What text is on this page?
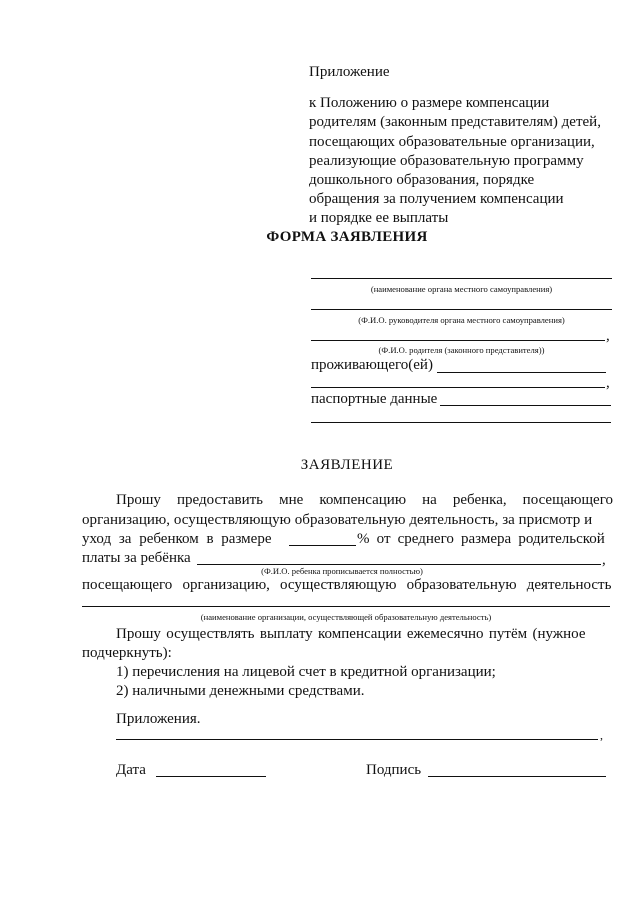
Приложение
к Положению о размере компенсации
родителям (законным представителям) детей,
посещающих образовательные организации,
реализующие образовательную программу
дошкольного образования, порядке
обращения за получением компенсации
и порядке ее выплаты
ФОРМА ЗАЯВЛЕНИЯ
(наименование органа местного самоуправления)
(Ф.И.О. руководителя органа местного самоуправления)
,
(Ф.И.О. родителя (законного представителя))
проживающего(ей)
,
паспортные данные
ЗАЯВЛЕНИЕ
Прошу предоставить мне компенсацию на ребенка, посещающего
организацию, осуществляющую образовательную деятельность, за присмотр и
уход за ребенком в размере	% от среднего размера родительской
платы за ребёнка	,
(Ф.И.О. ребенка прописывается полностью)
посещающего организацию, осуществляющую образовательную деятельность
(наименование организации, осуществляющей образовательную деятельность)
Прошу осуществлять выплату компенсации ежемесячно путём (нужное
подчеркнуть):
1) перечисления на лицевой счет в кредитной организации;
2) наличными денежными средствами.
Приложения.
,
Дата	Подпись
